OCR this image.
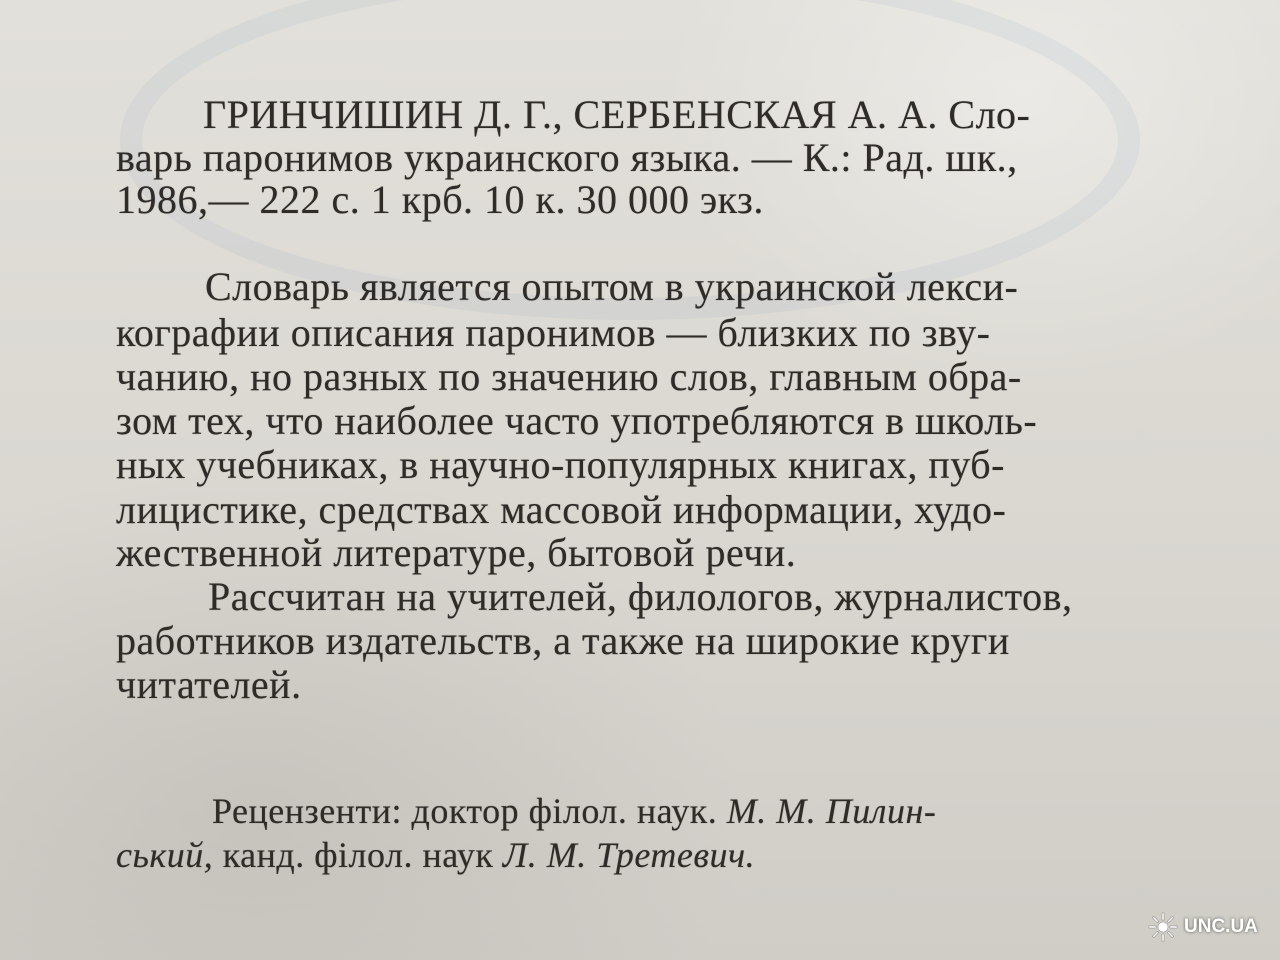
ГРИНЧИШИН Д. Г., СЕРБЕНСКАЯ А. А. Сло-
варь паронимов украинского языка. — К.: Рад. шк.,
1986,— 222 с. 1 крб. 10 к. 30 000 экз.
Словарь является опытом в украинской лекси-
кографии описания паронимов — близких по зву-
чанию, но разных по значению слов, главным обра-
зом тех, что наиболее часто употребляются в школь-
ных учебниках, в научно-популярных книгах, пуб-
лицистике, средствах массовой информации, худо-
жественной литературе, бытовой речи.
Рассчитан на учителей, филологов, журналистов,
работников издательств, а также на широкие круги
читателей.
Рецензенти: доктор філол. наук. М. М. Пилин-
ський, канд. філол. наук Л. М. Третевич.
UNC.UA
